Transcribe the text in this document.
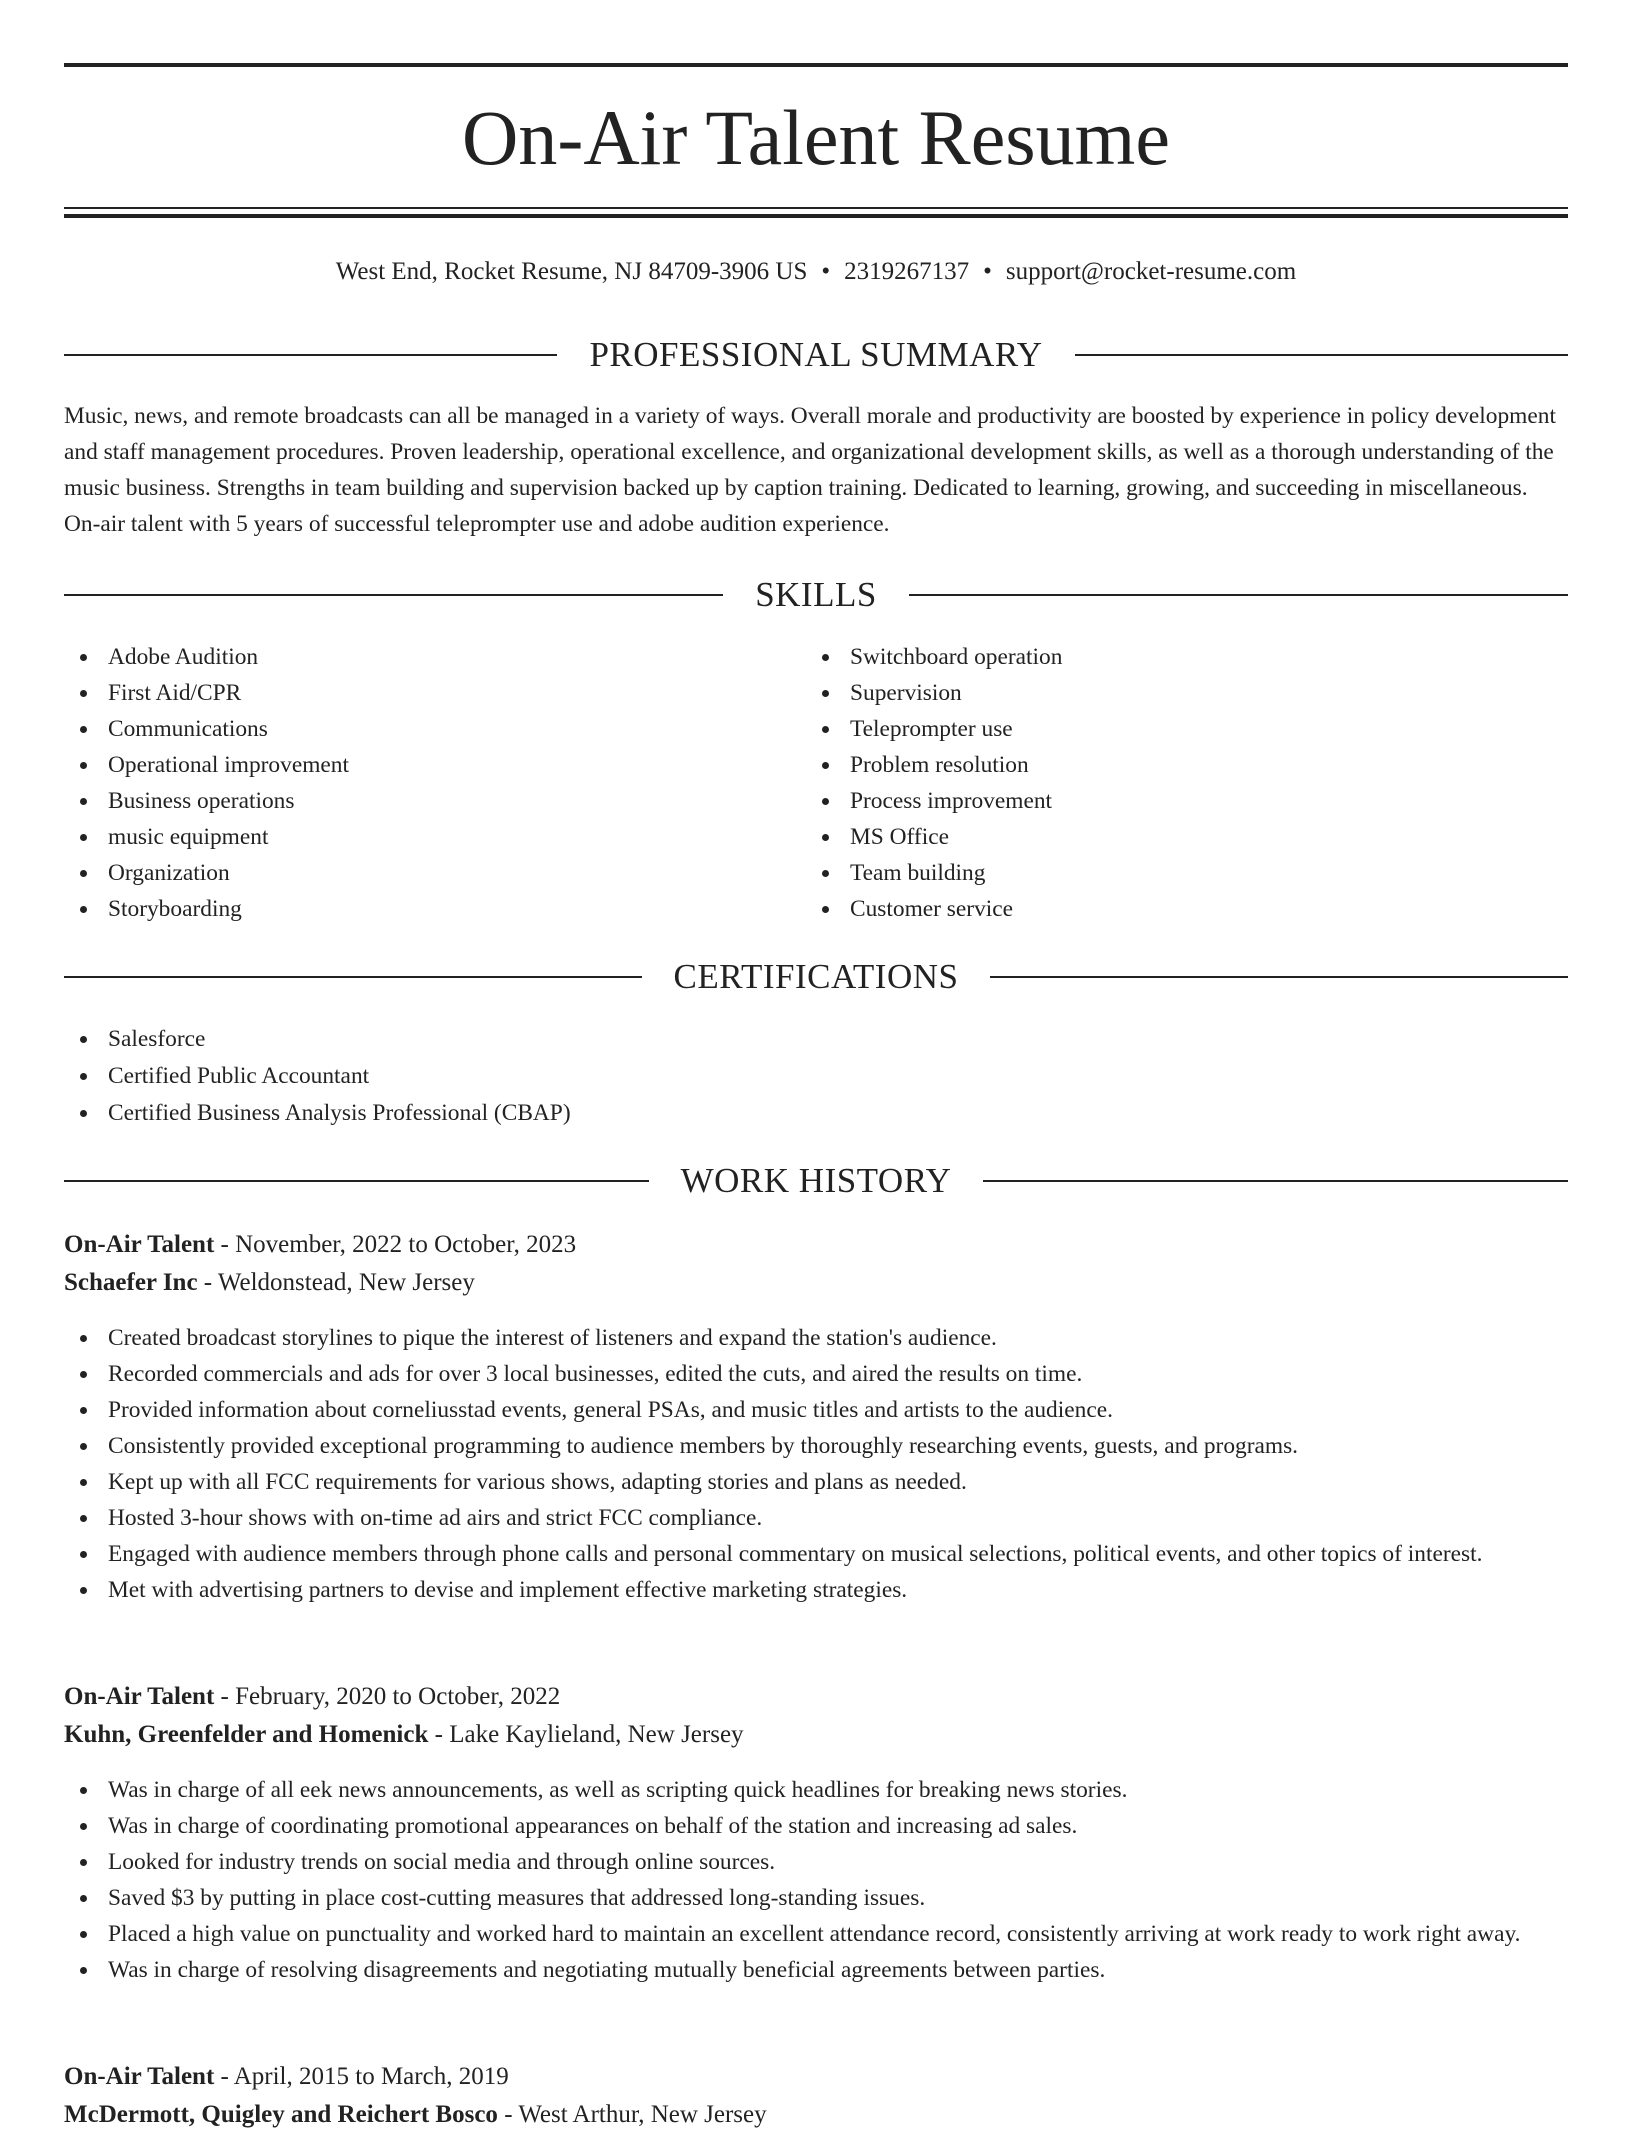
On-Air Talent Resume
West End, Rocket Resume, NJ 84709-3906 US • 2319267137 • support@rocket-resume.com
PROFESSIONAL SUMMARY

Music, news, and remote broadcasts can all be managed in a variety of ways. Overall morale and productivity are boosted by experience in policy development and staff management procedures. Proven leadership, operational excellence, and organizational development skills, as well as a thorough understanding of the music business. Strengths in team building and supervision backed up by caption training. Dedicated to learning, growing, and succeeding in miscellaneous. On-air talent with 5 years of successful teleprompter use and adobe audition experience.

SKILLS
Adobe Audition
First Aid/CPR
Communications
Operational improvement
Business operations
music equipment
Organization
Storyboarding
Switchboard operation
Supervision
Teleprompter use
Problem resolution
Process improvement
MS Office
Team building
Customer service
CERTIFICATIONS
Salesforce
Certified Public Accountant
Certified Business Analysis Professional (CBAP)
WORK HISTORY
On-Air Talent - November, 2022 to October, 2023
Schaefer Inc - Weldonstead, New Jersey
Created broadcast storylines to pique the interest of listeners and expand the station's audience.
Recorded commercials and ads for over 3 local businesses, edited the cuts, and aired the results on time.
Provided information about corneliusstad events, general PSAs, and music titles and artists to the audience.
Consistently provided exceptional programming to audience members by thoroughly researching events, guests, and programs.
Kept up with all FCC requirements for various shows, adapting stories and plans as needed.
Hosted 3-hour shows with on-time ad airs and strict FCC compliance.
Engaged with audience members through phone calls and personal commentary on musical selections, political events, and other topics of interest.
Met with advertising partners to devise and implement effective marketing strategies.
On-Air Talent - February, 2020 to October, 2022
Kuhn, Greenfelder and Homenick - Lake Kaylieland, New Jersey
Was in charge of all eek news announcements, as well as scripting quick headlines for breaking news stories.
Was in charge of coordinating promotional appearances on behalf of the station and increasing ad sales.
Looked for industry trends on social media and through online sources.
Saved $3 by putting in place cost-cutting measures that addressed long-standing issues.
Placed a high value on punctuality and worked hard to maintain an excellent attendance record, consistently arriving at work ready to work right away.
Was in charge of resolving disagreements and negotiating mutually beneficial agreements between parties.
On-Air Talent - April, 2015 to March, 2019
McDermott, Quigley and Reichert Bosco - West Arthur, New Jersey
